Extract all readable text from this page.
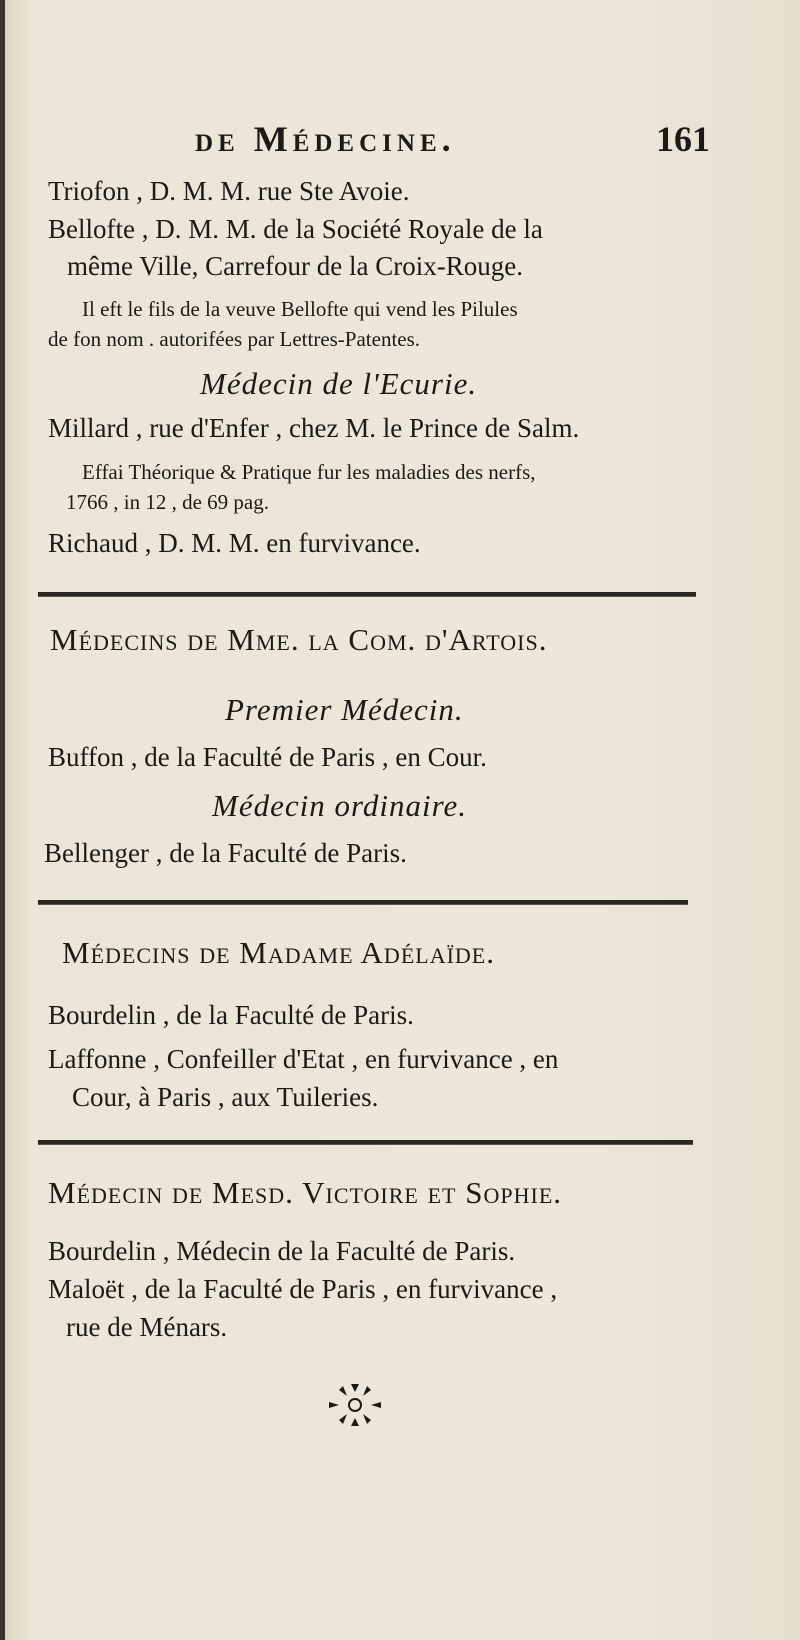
de Médecine.	161
Triofon , D. M. M. rue Ste Avoie.
Bellofte , D. M. M. de la Société Royale de la
même Ville, Carrefour de la Croix-Rouge.
Il eft le fils de la veuve Bellofte qui vend les Pilules
de fon nom . autorifées par Lettres-Patentes.
Médecin de l'Ecurie.
Millard , rue d'Enfer , chez M. le Prince de Salm.
Effai Théorique & Pratique fur les maladies des nerfs,
1766 , in 12 , de 69 pag.
Richaud , D. M. M. en furvivance.
Médecins de Mme. la Com. d'Artois.
Premier Médecin.
Buffon , de la Faculté de Paris , en Cour.
Médecin ordinaire.
Bellenger , de la Faculté de Paris.
Médecins de Madame Adélaïde.
Bourdelin , de la Faculté de Paris.
Laffonne , Confeiller d'Etat , en furvivance , en
Cour, à Paris , aux Tuileries.
Médecin de Mesd. Victoire et Sophie.
Bourdelin , Médecin de la Faculté de Paris.
Maloët , de la Faculté de Paris , en furvivance ,
rue de Ménars.
